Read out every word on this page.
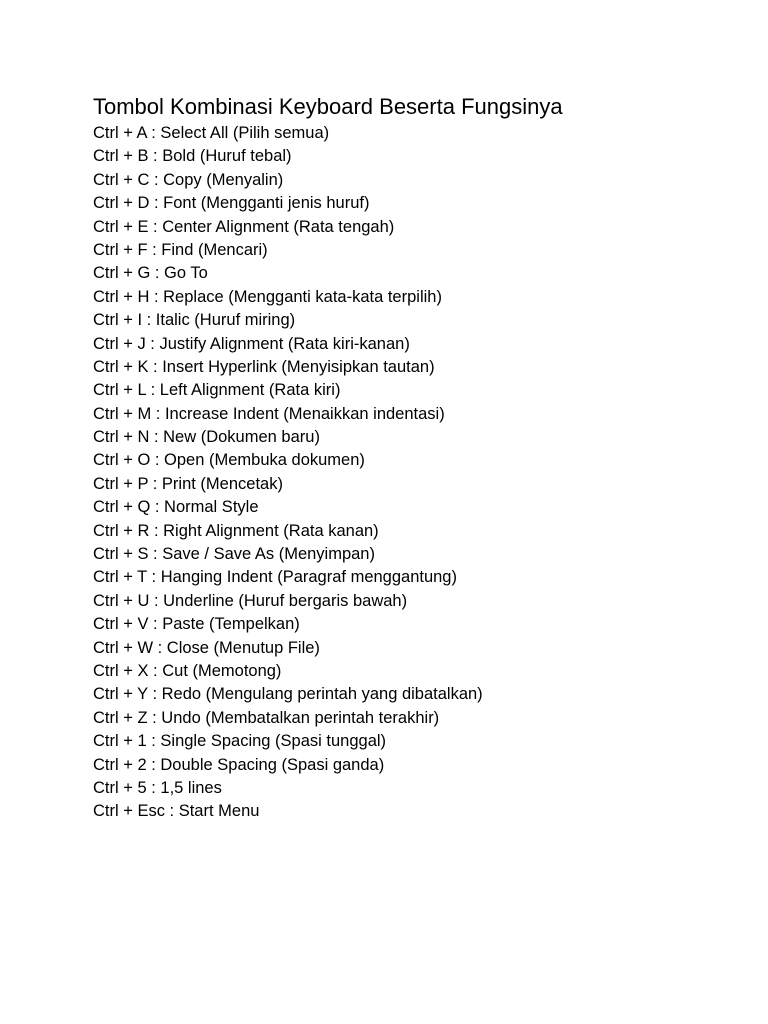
Tombol Kombinasi Keyboard Beserta Fungsinya
Ctrl + A : Select All (Pilih semua)
Ctrl + B : Bold (Huruf tebal)
Ctrl + C : Copy (Menyalin)
Ctrl + D : Font (Mengganti jenis huruf)
Ctrl + E : Center Alignment (Rata tengah)
Ctrl + F : Find (Mencari)
Ctrl + G : Go To
Ctrl + H : Replace (Mengganti kata-kata terpilih)
Ctrl + I : Italic (Huruf miring)
Ctrl + J : Justify Alignment (Rata kiri-kanan)
Ctrl + K : Insert Hyperlink (Menyisipkan tautan)
Ctrl + L : Left Alignment (Rata kiri)
Ctrl + M : Increase Indent (Menaikkan indentasi)
Ctrl + N : New (Dokumen baru)
Ctrl + O : Open (Membuka dokumen)
Ctrl + P : Print (Mencetak)
Ctrl + Q : Normal Style
Ctrl + R : Right Alignment (Rata kanan)
Ctrl + S : Save / Save As (Menyimpan)
Ctrl + T : Hanging Indent (Paragraf menggantung)
Ctrl + U : Underline (Huruf bergaris bawah)
Ctrl + V : Paste (Tempelkan)
Ctrl + W : Close (Menutup File)
Ctrl + X : Cut (Memotong)
Ctrl + Y : Redo (Mengulang perintah yang dibatalkan)
Ctrl + Z : Undo (Membatalkan perintah terakhir)
Ctrl + 1 : Single Spacing (Spasi tunggal)
Ctrl + 2 : Double Spacing (Spasi ganda)
Ctrl + 5 : 1,5 lines
Ctrl + Esc : Start Menu
